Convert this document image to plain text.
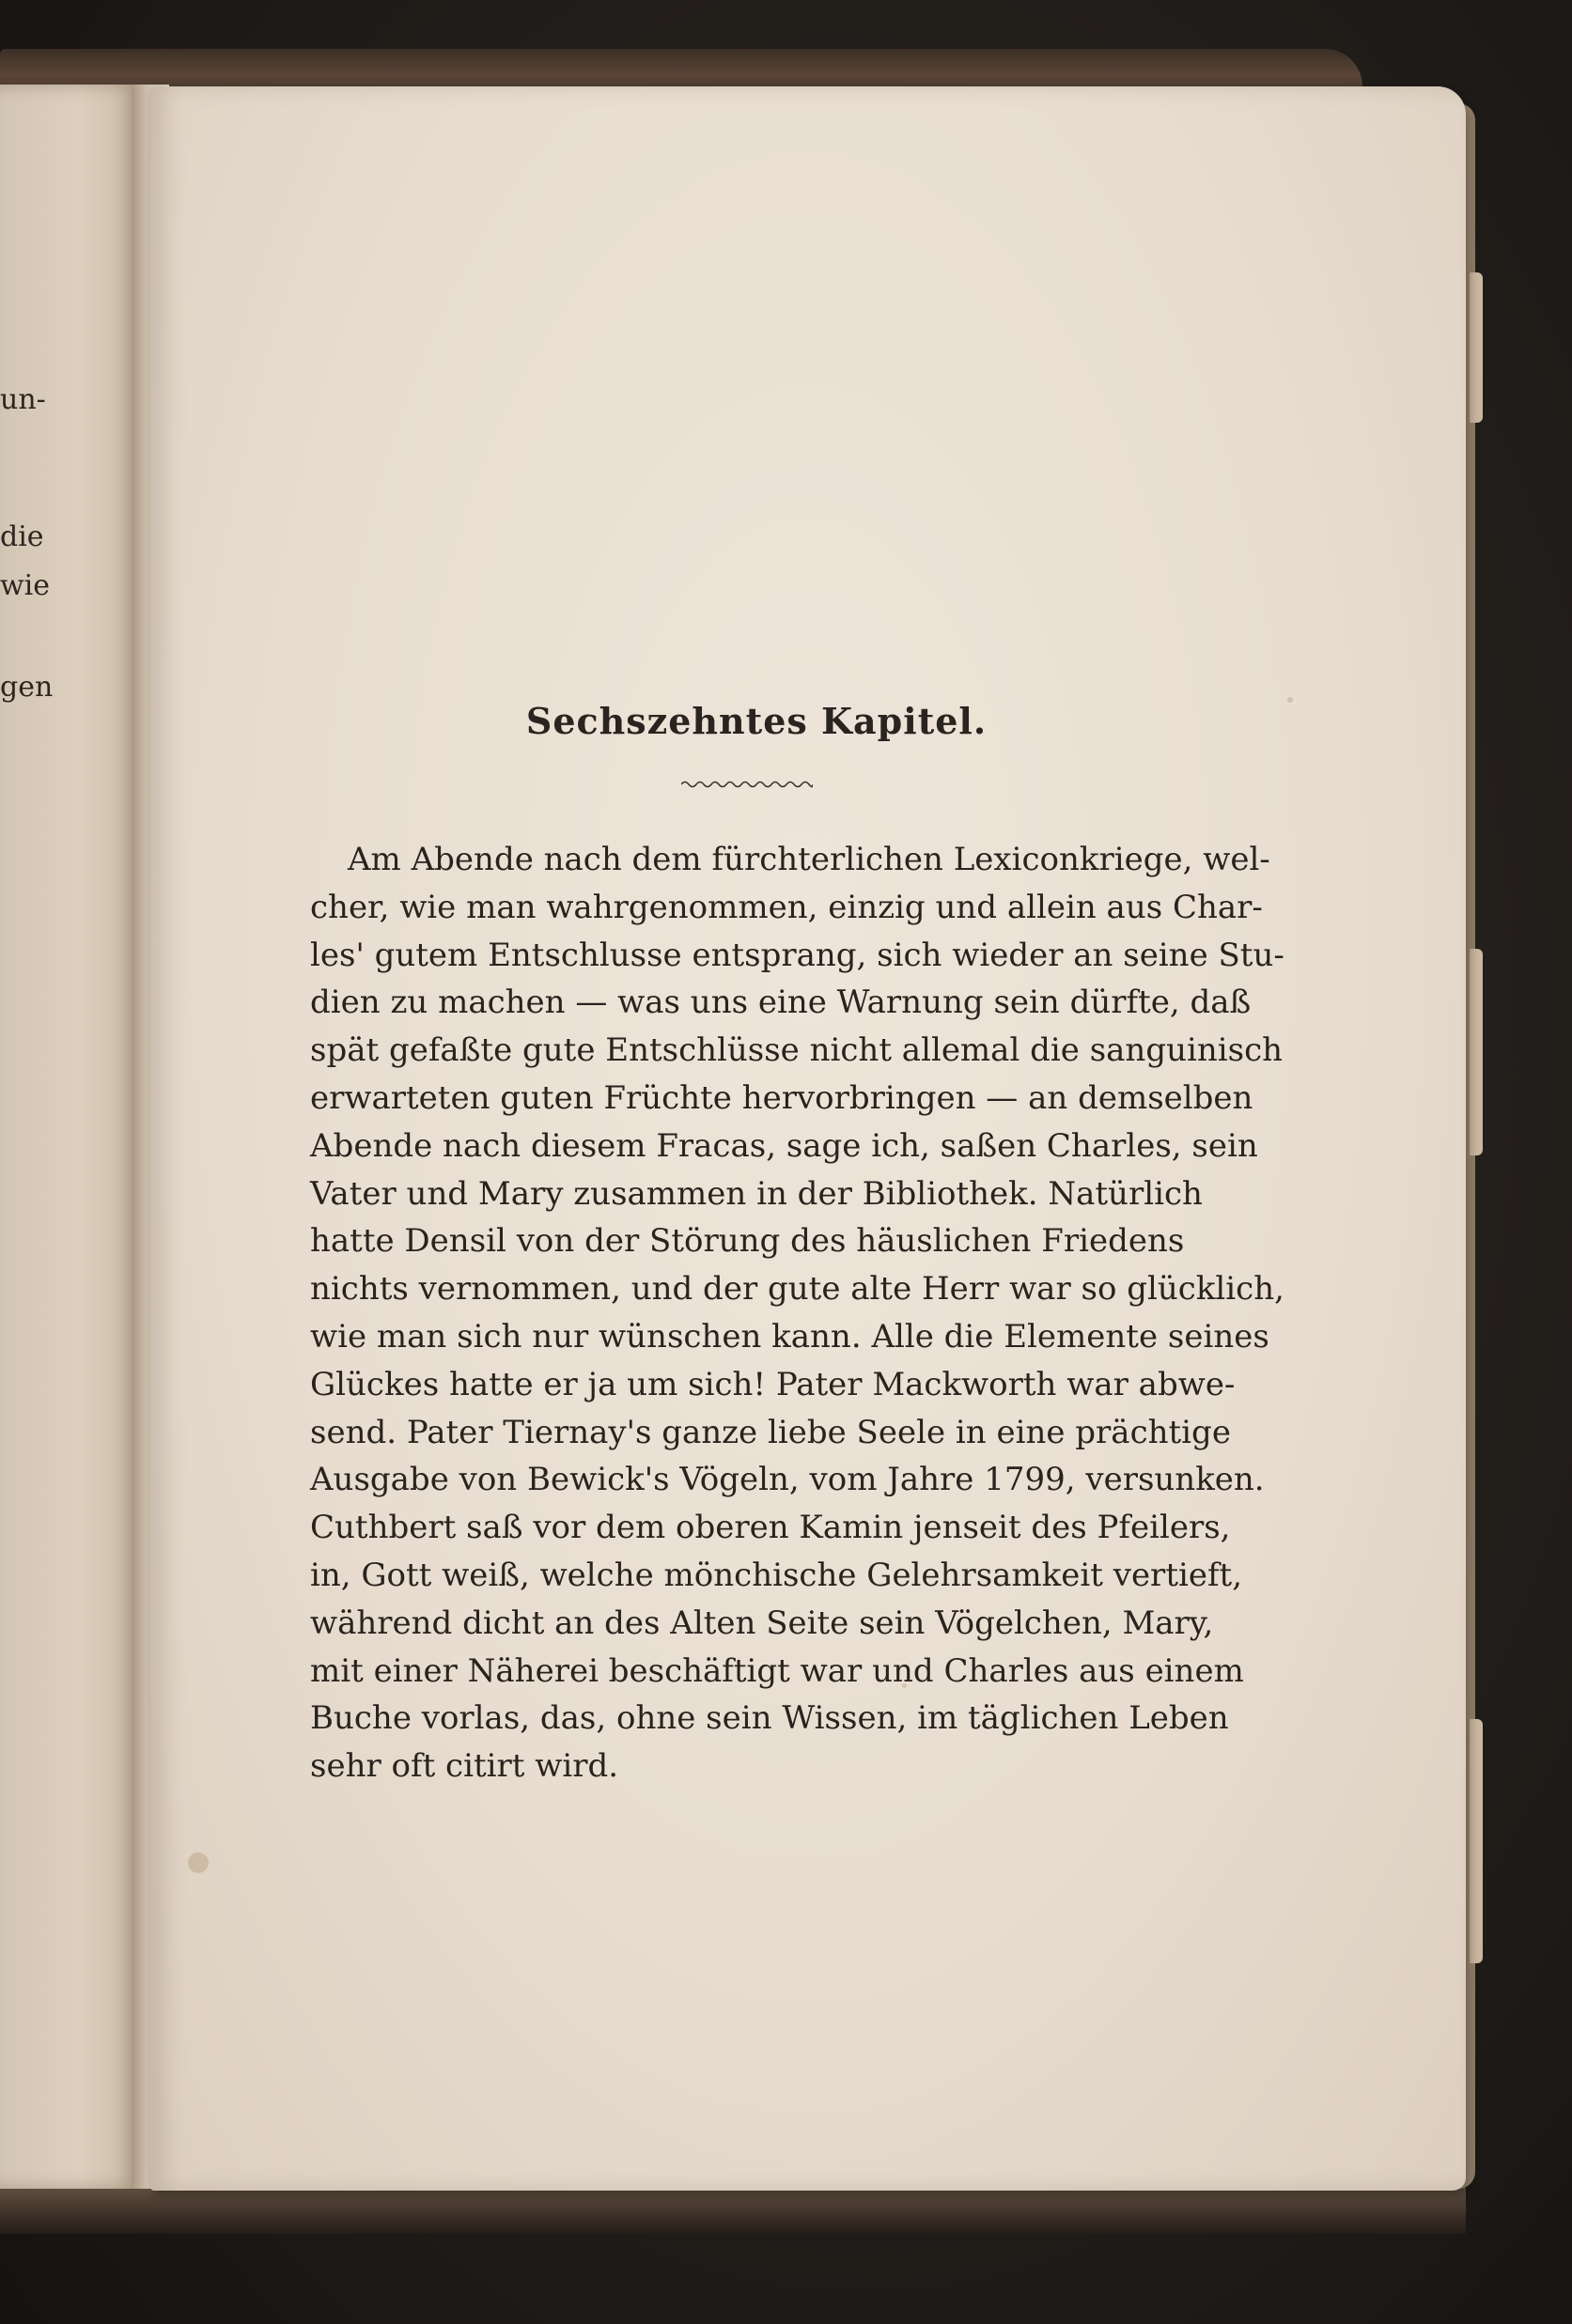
un-
die
wie
gen
Sechszehntes Kapitel.
Am Abende nach dem fürchterlichen Lexiconkriege, wel-
cher, wie man wahrgenommen, einzig und allein aus Char-
les' gutem Entschlusse entsprang, sich wieder an seine Stu-
dien zu machen — was uns eine Warnung sein dürfte, daß
spät gefaßte gute Entschlüsse nicht allemal die sanguinisch
erwarteten guten Früchte hervorbringen — an demselben
Abende nach diesem Fracas, sage ich, saßen Charles, sein
Vater und Mary zusammen in der Bibliothek. Natürlich
hatte Densil von der Störung des häuslichen Friedens
nichts vernommen, und der gute alte Herr war so glücklich,
wie man sich nur wünschen kann. Alle die Elemente seines
Glückes hatte er ja um sich! Pater Mackworth war abwe-
send. Pater Tiernay's ganze liebe Seele in eine prächtige
Ausgabe von Bewick's Vögeln, vom Jahre 1799, versunken.
Cuthbert saß vor dem oberen Kamin jenseit des Pfeilers,
in, Gott weiß, welche mönchische Gelehrsamkeit vertieft,
während dicht an des Alten Seite sein Vögelchen, Mary,
mit einer Näherei beschäftigt war und Charles aus einem
Buche vorlas, das, ohne sein Wissen, im täglichen Leben
sehr oft citirt wird.
